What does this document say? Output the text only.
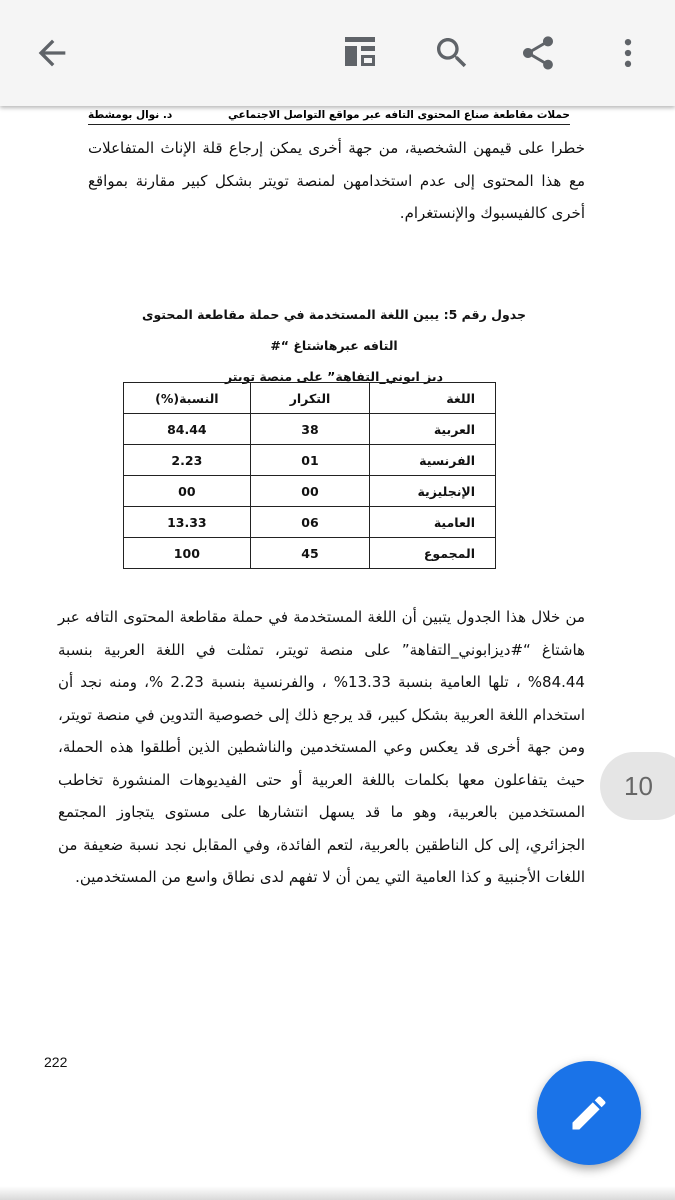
حملات مقاطعة صناع المحتوى التافه عبر مواقع التواصل الاجتماعي
د. نوال بومشطة

خطرا على قيمهن الشخصية، من جهة أخرى يمكن إرجاع قلة الإناث المتفاعلات مع هذا المحتوى إلى عدم استخدامهن لمنصة تويتر بشكل كبير مقارنة بمواقع أخرى كالفيسبوك والإنستغرام.

جدول رقم 5: يبين اللغة المستخدمة في حملة مقاطعة المحتوى التافه عبرهاشتاغ “#
ديز ابوني_التفاهة” على منصة تويتر
اللغة	التكرار	النسبة(%)
العربية	38	84.44
الفرنسية	01	2.23
الإنجليزية	00	00
العامية	06	13.33
المجموع	45	100

من خلال هذا الجدول يتبين أن اللغة المستخدمة في حملة مقاطعة المحتوى التافه عبر هاشتاغ “#ديزابوني_التفاهة” على منصة تويتر، تمثلت في اللغة العربية بنسبة 84.44% ، تلها العامية بنسبة 13.33% ، والفرنسية بنسبة 2.23 %، ومنه نجد أن استخدام اللغة العربية بشكل كبير، قد يرجع ذلك إلى خصوصية التدوين في منصة تويتر، ومن جهة أخرى قد يعكس وعي المستخدمين والناشطين الذين أطلقوا هذه الحملة، حيث يتفاعلون معها بكلمات باللغة العربية أو حتى الفيديوهات المنشورة تخاطب المستخدمين بالعربية، وهو ما قد يسهل انتشارها على مستوى يتجاوز المجتمع الجزائري، إلى كل الناطقين بالعربية، لتعم الفائدة، وفي المقابل نجد نسبة ضعيفة من اللغات الأجنبية و كذا العامية التي يمن أن لا تفهم لدى نطاق واسع من المستخدمين.

222
10
